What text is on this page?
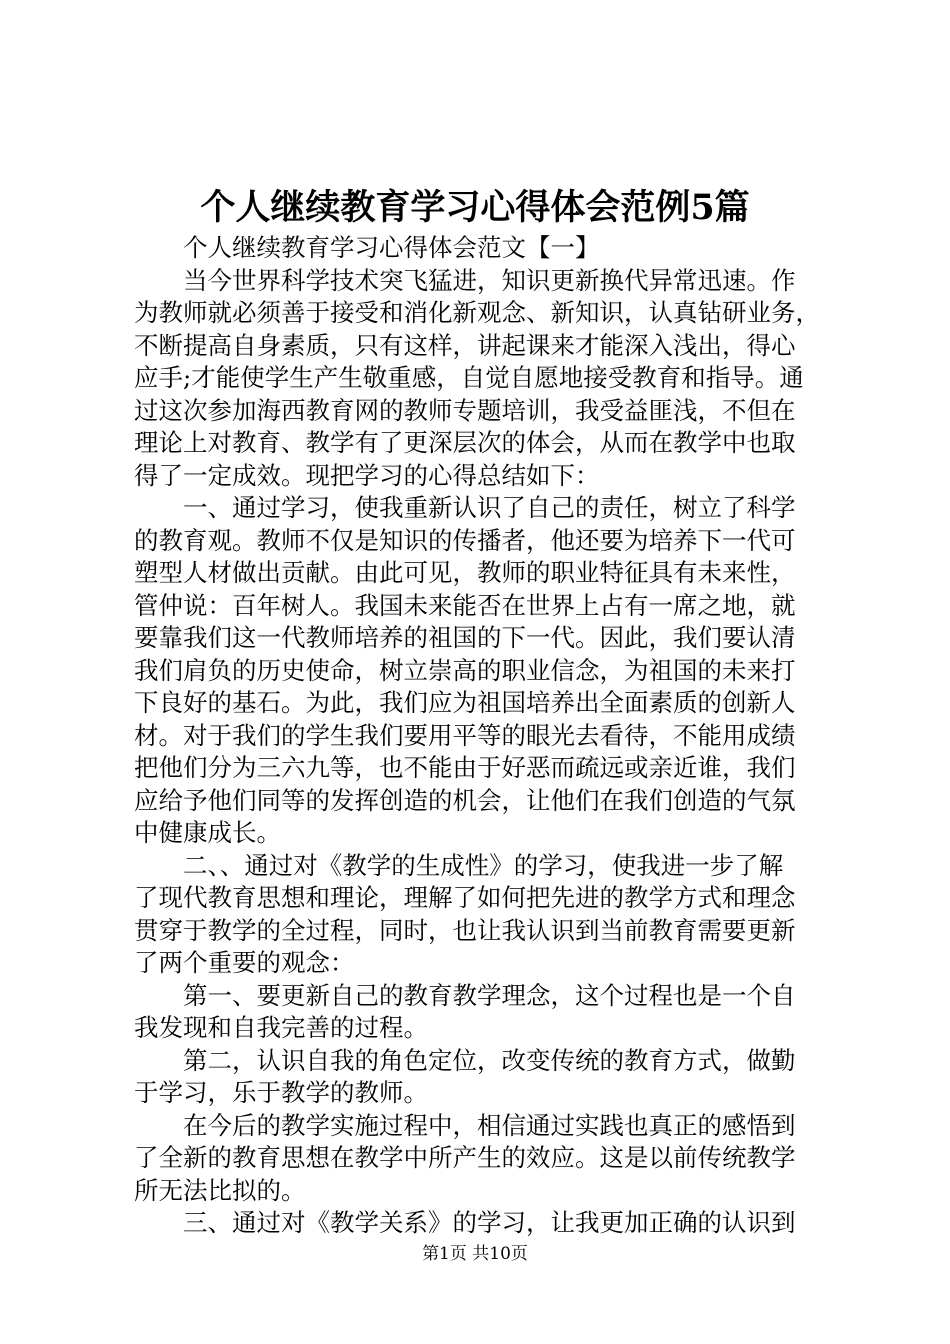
个人继续教育学习心得体会范例5篇

个人继续教育学习心得体会范文【一】

当今世界科学技术突飞猛进，知识更新换代异常迅速。作
为教师就必须善于接受和消化新观念、新知识，认真钻研业务，
不断提高自身素质，只有这样，讲起课来才能深入浅出，得心
应手;才能使学生产生敬重感，自觉自愿地接受教育和指导。通
过这次参加海西教育网的教师专题培训，我受益匪浅，不但在
理论上对教育、教学有了更深层次的体会，从而在教学中也取
得了一定成效。现把学习的心得总结如下：

一、通过学习，使我重新认识了自己的责任，树立了科学
的教育观。教师不仅是知识的传播者，他还要为培养下一代可
塑型人材做出贡献。由此可见，教师的职业特征具有未来性，
管仲说：百年树人。我国未来能否在世界上占有一席之地，就
要靠我们这一代教师培养的祖国的下一代。因此，我们要认清
我们肩负的历史使命，树立崇高的职业信念，为祖国的未来打
下良好的基石。为此，我们应为祖国培养出全面素质的创新人
材。对于我们的学生我们要用平等的眼光去看待，不能用成绩
把他们分为三六九等，也不能由于好恶而疏远或亲近谁，我们
应给予他们同等的发挥创造的机会，让他们在我们创造的气氛
中健康成长。

二、、通过对《教学的生成性》的学习，使我进一步了解
了现代教育思想和理论，理解了如何把先进的教学方式和理念
贯穿于教学的全过程，同时，也让我认识到当前教育需要更新
了两个重要的观念：

第一、要更新自己的教育教学理念，这个过程也是一个自
我发现和自我完善的过程。

第二，认识自我的角色定位，改变传统的教育方式，做勤
于学习，乐于教学的教师。

在今后的教学实施过程中，相信通过实践也真正的感悟到
了全新的教育思想在教学中所产生的效应。这是以前传统教学
所无法比拟的。

三、通过对《教学关系》的学习，让我更加正确的认识到

第1页 共10页
